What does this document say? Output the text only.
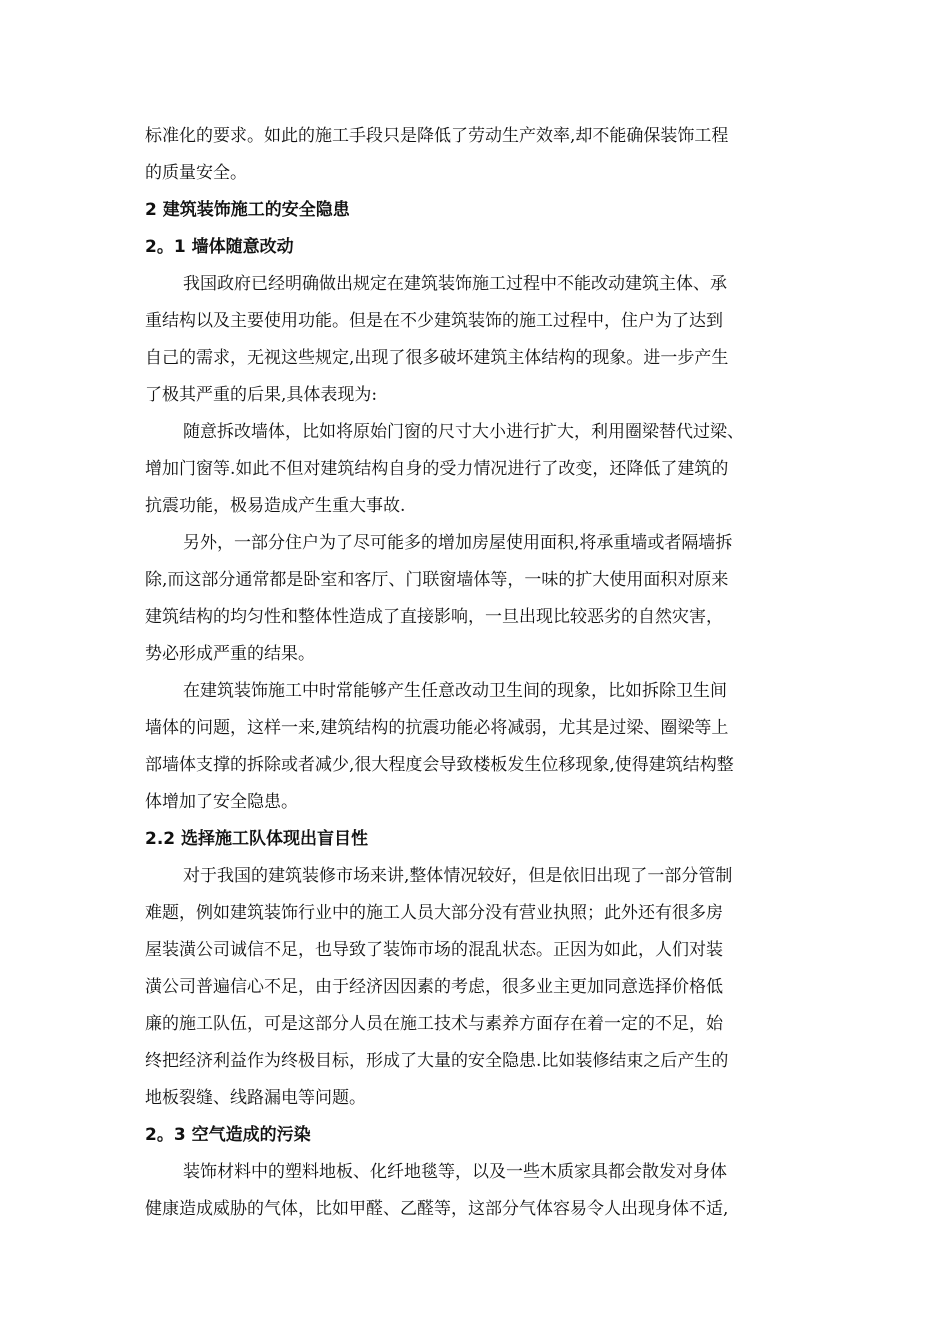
标准化的要求。如此的施工手段只是降低了劳动生产效率,却不能确保装饰工程
的质量安全。
2 建筑装饰施工的安全隐患
2。1 墙体随意改动
我国政府已经明确做出规定在建筑装饰施工过程中不能改动建筑主体、承
重结构以及主要使用功能。但是在不少建筑装饰的施工过程中，住户为了达到
自己的需求，无视这些规定,出现了很多破坏建筑主体结构的现象。进一步产生
了极其严重的后果,具体表现为:
随意拆改墙体，比如将原始门窗的尺寸大小进行扩大，利用圈梁替代过梁、
增加门窗等.如此不但对建筑结构自身的受力情况进行了改变，还降低了建筑的
抗震功能，极易造成产生重大事故.
另外，一部分住户为了尽可能多的增加房屋使用面积,将承重墙或者隔墙拆
除,而这部分通常都是卧室和客厅、门联窗墙体等，一味的扩大使用面积对原来
建筑结构的均匀性和整体性造成了直接影响，一旦出现比较恶劣的自然灾害，
势必形成严重的结果。
在建筑装饰施工中时常能够产生任意改动卫生间的现象，比如拆除卫生间
墙体的问题，这样一来,建筑结构的抗震功能必将减弱，尤其是过梁、圈梁等上
部墙体支撑的拆除或者减少,很大程度会导致楼板发生位移现象,使得建筑结构整
体增加了安全隐患。
2.2 选择施工队体现出盲目性
对于我国的建筑装修市场来讲,整体情况较好，但是依旧出现了一部分管制
难题，例如建筑装饰行业中的施工人员大部分没有营业执照；此外还有很多房
屋装潢公司诚信不足，也导致了装饰市场的混乱状态。正因为如此，人们对装
潢公司普遍信心不足，由于经济因因素的考虑，很多业主更加同意选择价格低
廉的施工队伍，可是这部分人员在施工技术与素养方面存在着一定的不足，始
终把经济利益作为终极目标，形成了大量的安全隐患.比如装修结束之后产生的
地板裂缝、线路漏电等问题。
2。3 空气造成的污染
装饰材料中的塑料地板、化纤地毯等，以及一些木质家具都会散发对身体
健康造成威胁的气体，比如甲醛、乙醛等，这部分气体容易令人出现身体不适,
